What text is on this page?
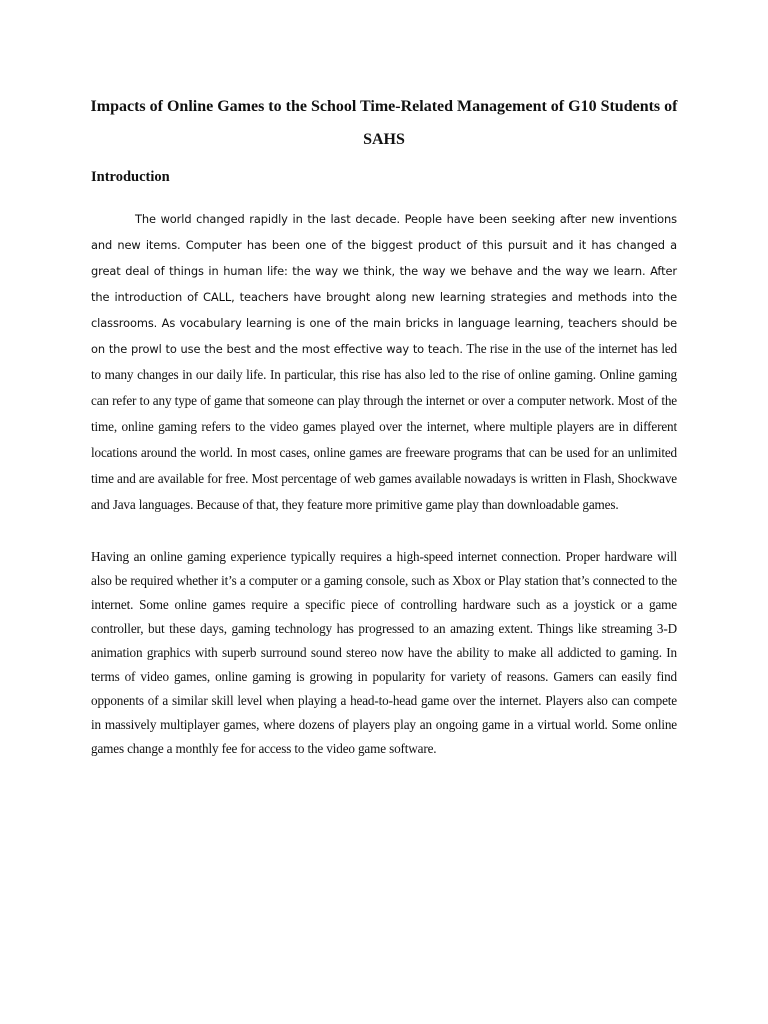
Impacts of Online Games to the School Time-Related Management of G10 Students of SAHS
Introduction

The world changed rapidly in the last decade. People have been seeking after new inventions and new items. Computer has been one of the biggest product of this pursuit and it has changed a great deal of things in human life: the way we think, the way we behave and the way we learn. After the introduction of CALL, teachers have brought along new learning strategies and methods into the classrooms. As vocabulary learning is one of the main bricks in language learning, teachers should be on the prowl to use the best and the most effective way to teach. The rise in the use of the internet has led to many changes in our daily life. In particular, this rise has also led to the rise of online gaming. Online gaming can refer to any type of game that someone can play through the internet or over a computer network. Most of the time, online gaming refers to the video games played over the internet, where multiple players are in different locations around the world. In most cases, online games are freeware programs that can be used for an unlimited time and are available for free. Most percentage of web games available nowadays is written in Flash, Shockwave and Java languages. Because of that, they feature more primitive game play than downloadable games.

Having an online gaming experience typically requires a high-speed internet connection. Proper hardware will also be required whether it’s a computer or a gaming console, such as Xbox or Play station that’s connected to the internet. Some online games require a specific piece of controlling hardware such as a joystick or a game controller, but these days, gaming technology has progressed to an amazing extent. Things like streaming 3-D animation graphics with superb surround sound stereo now have the ability to make all addicted to gaming. In terms of video games, online gaming is growing in popularity for variety of reasons. Gamers can easily find opponents of a similar skill level when playing a head-to-head game over the internet. Players also can compete in massively multiplayer games, where dozens of players play an ongoing game in a virtual world. Some online games change a monthly fee for access to the video game software.
